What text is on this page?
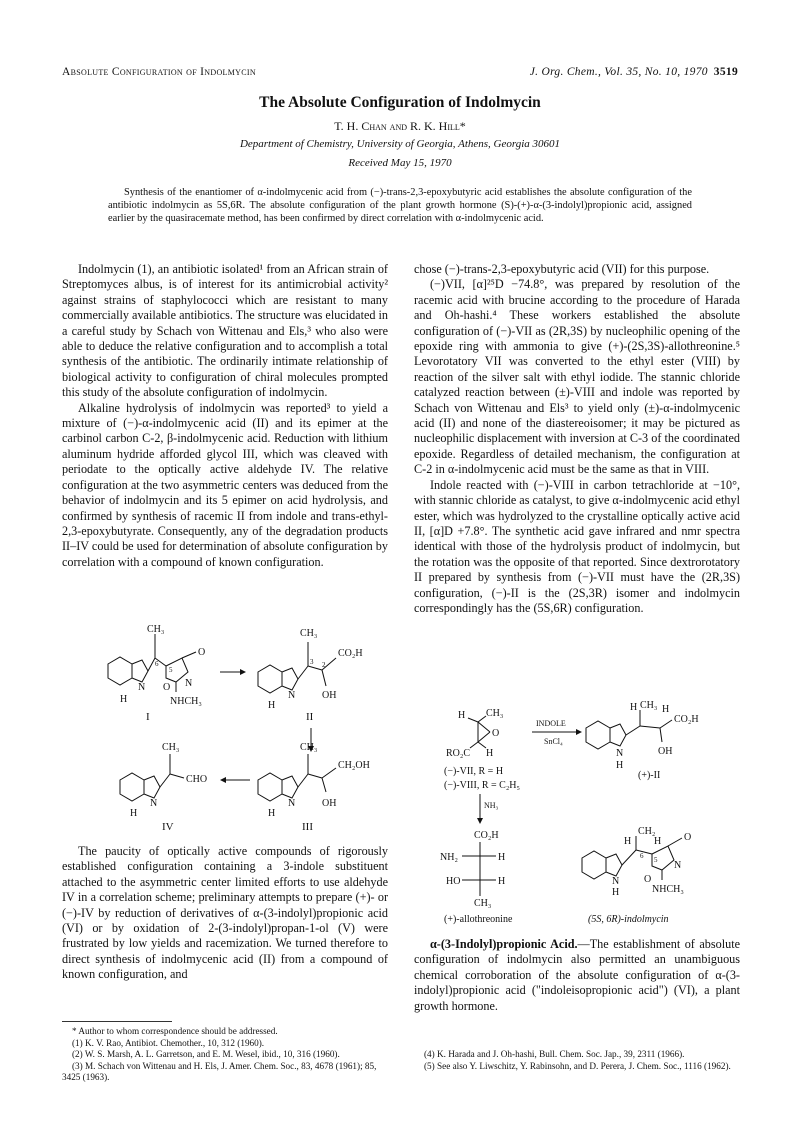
Absolute Configuration of Indolmycin	J. Org. Chem., Vol. 35, No. 10, 1970 3519
The Absolute Configuration of Indolmycin
T. H. Chan and R. K. Hill*
Department of Chemistry, University of Georgia, Athens, Georgia 30601
Received May 15, 1970
Synthesis of the enantiomer of α-indolmycenic acid from (−)-trans-2,3-epoxybutyric acid establishes the absolute configuration of the antibiotic indolmycin as 5S,6R. The absolute configuration of the plant growth hormone (S)-(+)-α-(3-indolyl)propionic acid, assigned earlier by the quasiracemate method, has been confirmed by direct correlation with α-indolmycenic acid.

Indolmycin (1), an antibiotic isolated¹ from an African strain of Streptomyces albus, is of interest for its antimicrobial activity² against strains of staphylococci which are resistant to many commercially available antibiotics. The structure was elucidated in a careful study by Schach von Wittenau and Els,³ who also were able to deduce the relative configuration and to accomplish a total synthesis of the antibiotic. The ordinarily intimate relationship of biological activity to configuration of chiral molecules prompted this study of the absolute configuration of indolmycin.

Alkaline hydrolysis of indolmycin was reported³ to yield a mixture of (−)-α-indolmycenic acid (II) and its epimer at the carbinol carbon C-2, β-indolmycenic acid. Reduction with lithium aluminum hydride afforded glycol III, which was cleaved with periodate to the optically active aldehyde IV. The relative configuration at the two asymmetric centers was deduced from the behavior of indolmycin and its 5 epimer on acid hydrolysis, and confirmed by synthesis of racemic II from indole and trans-ethyl-2,3-epoxybutyrate. Consequently, any of the degradation products II–IV could be used for determination of absolute configuration by correlation with a compound of known configuration.

CH₃
O
N
O
6
5
NHCH₃
N
H
I
CH₃
CO₂H
OH
3 2
N
H
II
CH₃
CH₂OH
OH
N
H
III
CH₃
CHO
N
H
IV

The paucity of optically active compounds of rigorously established configuration containing a 3-indole substituent attached to the asymmetric center limited efforts to use aldehyde IV in a correlation scheme; preliminary attempts to prepare (+)- or (−)-IV by reduction of derivatives of α-(3-indolyl)propionic acid (VI) or by oxidation of 2-(3-indolyl)propan-1-ol (V) were frustrated by low yields and racemization. We turned therefore to direct synthesis of indolmycenic acid (II) from a compound of known configuration, and

chose (−)-trans-2,3-epoxybutyric acid (VII) for this purpose.

(−)VII, [α]²⁵D −74.8°, was prepared by resolution of the racemic acid with brucine according to the procedure of Harada and Oh-hashi.⁴ These workers established the absolute configuration of (−)-VII as (2R,3S) by nucleophilic opening of the epoxide ring with ammonia to give (+)-(2S,3S)-allothreonine.⁵ Levorotatory VII was converted to the ethyl ester (VIII) by reaction of the silver salt with ethyl iodide. The stannic chloride catalyzed reaction between (±)-VIII and indole was reported by Schach von Wittenau and Els³ to yield only (±)-α-indolmycenic acid (II) and none of the diastereoisomer; it may be pictured as nucleophilic displacement with inversion at C-3 of the coordinated epoxide. Regardless of detailed mechanism, the configuration at C-2 in α-indolmycenic acid must be the same as that in VIII.

Indole reacted with (−)-VIII in carbon tetrachloride at −10°, with stannic chloride as catalyst, to give α-indolmycenic acid ethyl ester, which was hydrolyzed to the crystalline optically active acid II, [α]D +7.8°. The synthetic acid gave infrared and nmr spectra identical with those of the hydrolysis product of indolmycin, but the rotation was the opposite of that reported. Since dextrorotatory II prepared by synthesis from (−)-VII must have the (2R,3S) configuration, (−)-II is the (2S,3R) isomer and indolmycin correspondingly has the (5S,6R) configuration.

H CH₃
O
RO₂C H
(−)-VII, R = H
(−)-VIII, R = C₂H₅
INDOLE
SnCl₄
H CH₃ H
CO₂H
OH
N
H
(+)-II
NH₃
CO₂H
NH₂	H
HO	H
CH₃
(+)-allothreonine
H
CH₂
H O
6 5
O
N
NHCH₃
N
H
(5S, 6R)-indolmycin

α-(3-Indolyl)propionic Acid.—The establishment of absolute configuration of indolmycin also permitted an unambiguous chemical corroboration of the absolute configuration of α-(3-indolyl)propionic acid ("indoleisopropionic acid") (VI), a plant growth hormone.

* Author to whom correspondence should be addressed.
(1) K. V. Rao, Antibiot. Chemother., 10, 312 (1960).
(2) W. S. Marsh, A. L. Garretson, and E. M. Wesel, ibid., 10, 316 (1960).
(3) M. Schach von Wittenau and H. Els, J. Amer. Chem. Soc., 83, 4678 (1961); 85, 3425 (1963).
(4) K. Harada and J. Oh-hashi, Bull. Chem. Soc. Jap., 39, 2311 (1966).
(5) See also Y. Liwschitz, Y. Rabinsohn, and D. Perera, J. Chem. Soc., 1116 (1962).
